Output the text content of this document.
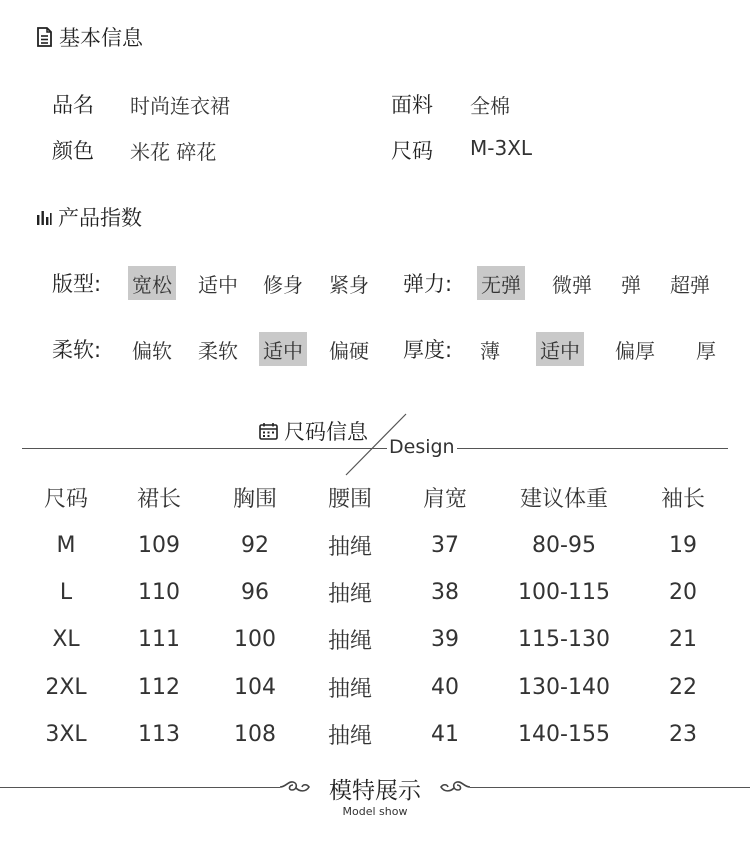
基本信息
品名 时尚连衣裙	面料 全棉
颜色 米花 碎花	尺码 M-3XL
产品指数
版型: 宽松 适中 修身 紧身 弹力: 无弹 微弹	弹	超弹
柔软: 偏软 柔软 适中 偏硬 厚度:	薄	适中 偏厚	厚
尺码信息
Design
尺码	裙长	胸围	腰围	肩宽	建议体重	袖长
M	109	92	抽绳	37	80-95	19
L	110	96	抽绳	38	100-115	20
XL	111	100	抽绳	39	115-130	21
2XL	112	104	抽绳	40	130-140	22
3XL	113	108	抽绳	41	140-155	23
模特展示
Model show
